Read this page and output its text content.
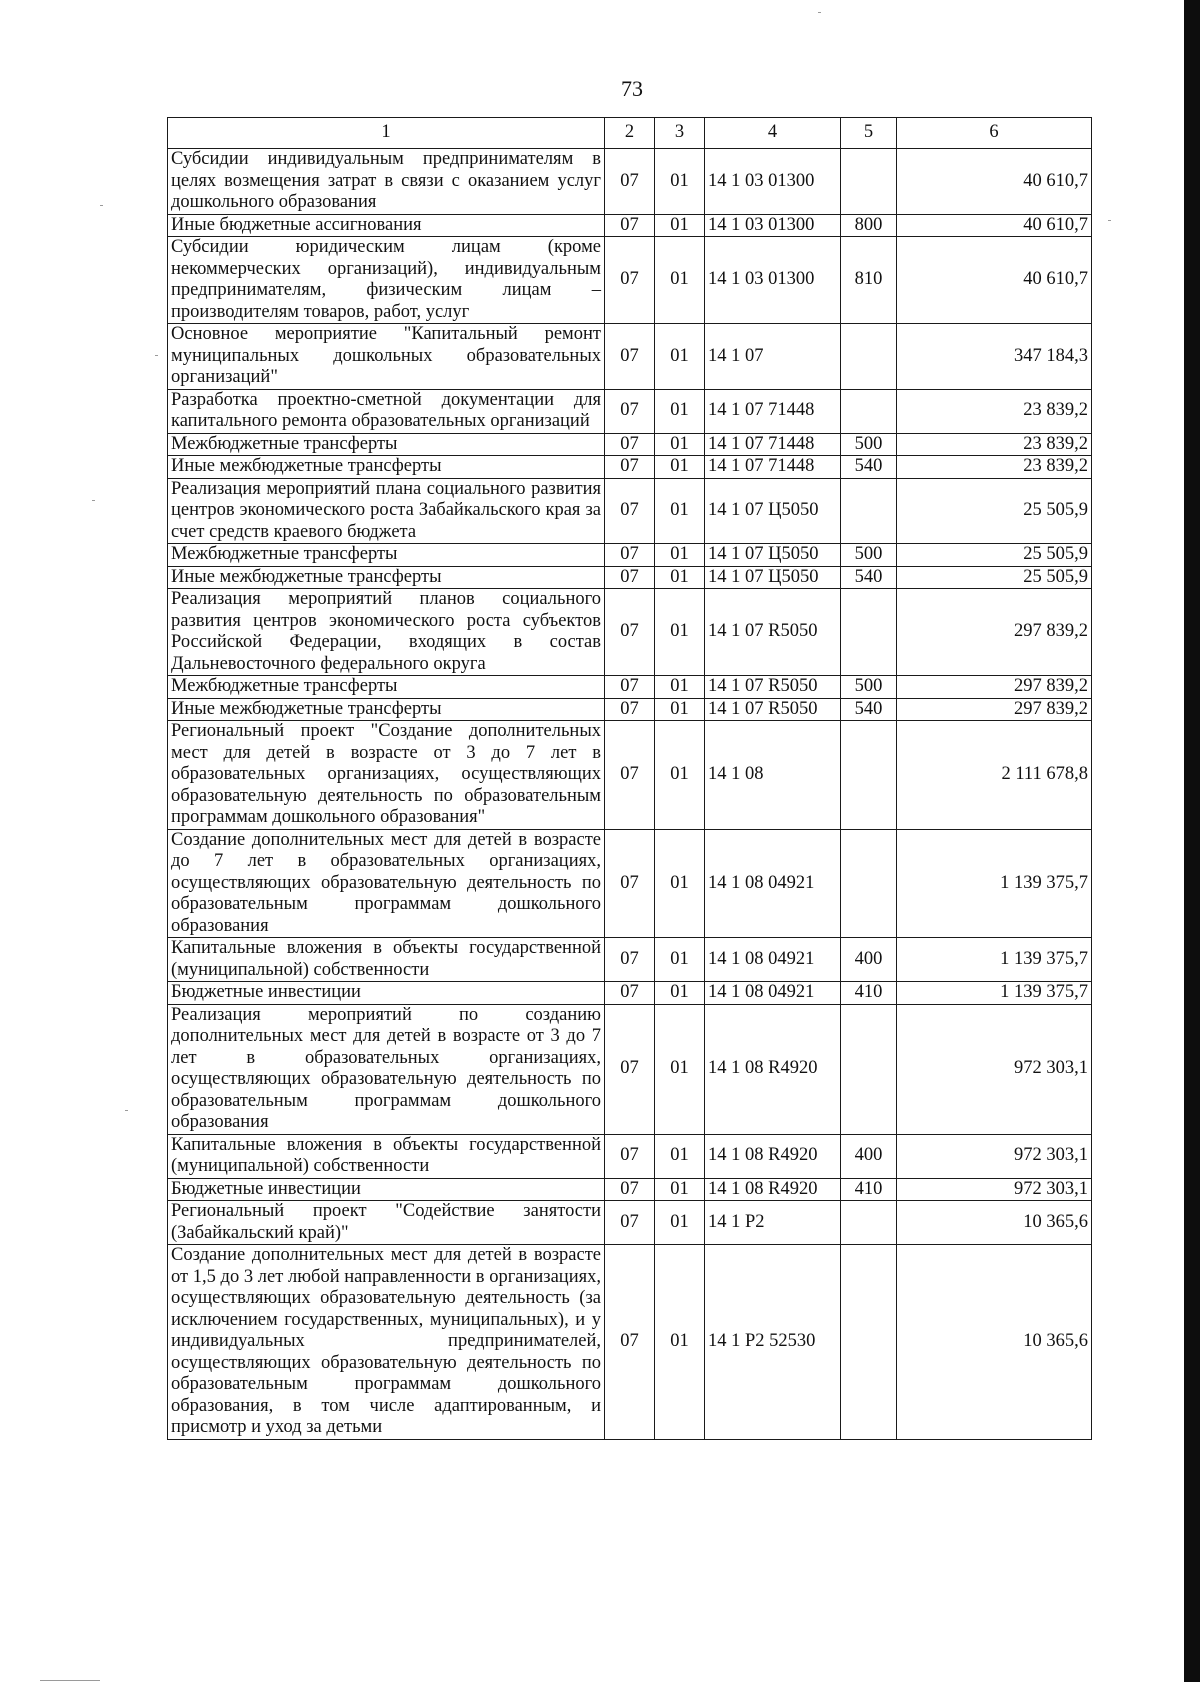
73
1	2	3	4	5	6
Субсидии индивидуальным предпринимателям в целях возмещения затрат в связи с оказанием услуг дошкольного образования	07	01	14 1 03 01300		40 610,7
Иные бюджетные ассигнования	07	01	14 1 03 01300	800	40 610,7
Субсидии юридическим лицам (кроме некоммерческих организаций), индивидуальным предпринимателям, физическим лицам – производителям товаров, работ, услуг	07	01	14 1 03 01300	810	40 610,7
Основное мероприятие "Капитальный ремонт муниципальных дошкольных образовательных организаций"	07	01	14 1 07		347 184,3
Разработка проектно-сметной документации для капитального ремонта образовательных организаций	07	01	14 1 07 71448		23 839,2
Межбюджетные трансферты	07	01	14 1 07 71448	500	23 839,2
Иные межбюджетные трансферты	07	01	14 1 07 71448	540	23 839,2
Реализация мероприятий плана социального развития центров экономического роста Забайкальского края за счет средств краевого бюджета	07	01	14 1 07 Ц5050		25 505,9
Межбюджетные трансферты	07	01	14 1 07 Ц5050	500	25 505,9
Иные межбюджетные трансферты	07	01	14 1 07 Ц5050	540	25 505,9
Реализация мероприятий планов социального развития центров экономического роста субъектов Российской Федерации, входящих в состав Дальневосточного федерального округа	07	01	14 1 07 R5050		297 839,2
Межбюджетные трансферты	07	01	14 1 07 R5050	500	297 839,2
Иные межбюджетные трансферты	07	01	14 1 07 R5050	540	297 839,2
Региональный проект "Создание дополнительных мест для детей в возрасте от 3 до 7 лет в образовательных организациях, осуществляющих образовательную деятельность по образовательным программам дошкольного образования"	07	01	14 1 08		2 111 678,8
Создание дополнительных мест для детей в возрасте до 7 лет в образовательных организациях, осуществляющих образовательную деятельность по образовательным программам дошкольного образования	07	01	14 1 08 04921		1 139 375,7
Капитальные вложения в объекты государственной (муниципальной) собственности	07	01	14 1 08 04921	400	1 139 375,7
Бюджетные инвестиции	07	01	14 1 08 04921	410	1 139 375,7
Реализация мероприятий по созданию дополнительных мест для детей в возрасте от 3 до 7 лет в образовательных организациях, осуществляющих образовательную деятельность по образовательным программам дошкольного образования	07	01	14 1 08 R4920		972 303,1
Капитальные вложения в объекты государственной (муниципальной) собственности	07	01	14 1 08 R4920	400	972 303,1
Бюджетные инвестиции	07	01	14 1 08 R4920	410	972 303,1
Региональный проект "Содействие занятости (Забайкальский край)"	07	01	14 1 P2		10 365,6
Создание дополнительных мест для детей в возрасте от 1,5 до 3 лет любой направленности в организациях, осуществляющих образовательную деятельность (за исключением государственных, муниципальных), и у индивидуальных предпринимателей, осуществляющих образовательную деятельность по образовательным программам дошкольного образования, в том числе адаптированным, и присмотр и уход за детьми	07	01	14 1 P2 52530		10 365,6
